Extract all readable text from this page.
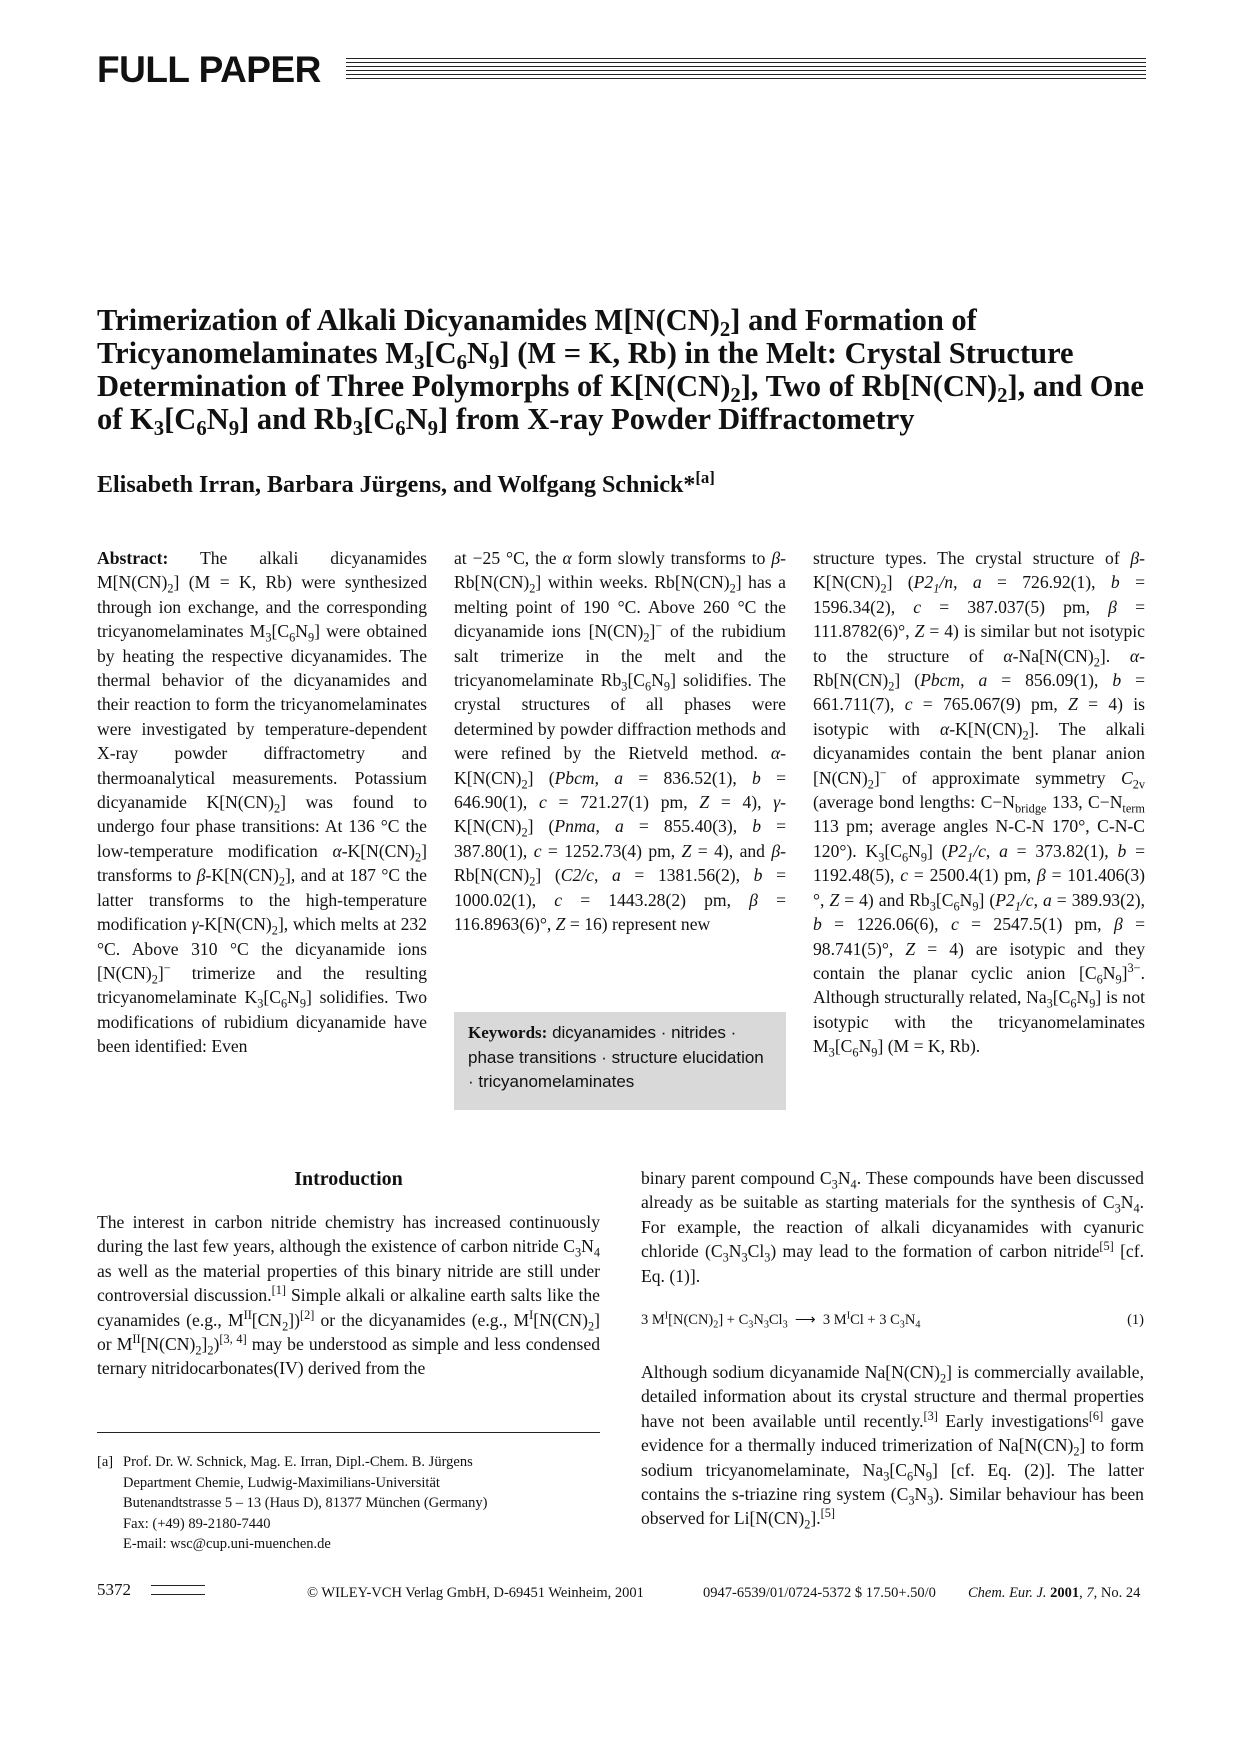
FULL PAPER
Trimerization of Alkali Dicyanamides $M[N(CN)_2]$ and Formation of Tricyanomelaminates $M_3[C_6N_9] (M = K$, Rb) in the Melt: Crystal Structure Determination of Three Polymorphs of $K[N(CN)_2]$, Two of $Rb[N(CN)_2]$, and One of $K_3[C_6N_9]$ and $Rb_3[C_6N_9]$ from X-ray Powder Diffractometry
Elisabeth Irran, Barbara Jürgens, and Wolfgang Schnick*[a]
Abstract: The alkali dicyanamides $M[N(CN)_2] (M = K$, Rb) were synthesized through ion exchange, and the corresponding tricyanomelaminates $M_3[C_6N_9]$ were obtained by heating the respective dicyanamides. The thermal behavior of the dicyanamides and their reaction to form the tricyanomelaminates were investigated by temperature-dependent X-ray powder diffractometry and thermoanalytical measurements. Potassium dicyanamide $K[N(CN)_2]$ was found to undergo four phase transitions: At 136 °C the low-temperature modification $\alpha-K[N(CN)_2]$ transforms to $\beta-K[N(CN)_2]$, and at 187 °C the latter transforms to the high-temperature modification $\gamma-K[N(CN)_2]$, which melts at 232 °C. Above 310 °C the dicyanamide ions $[N(CN)_2]^-$ trimerize and the resulting tricyanomelaminate $K_3[C_6N_9]$ solidifies. Two modifications of rubidium dicyanamide have been identified: Even
at −25 °C, the α form slowly transforms to $\beta-Rb[N(CN)_2]$ within weeks. $Rb[N(CN)_2]$ has a melting point of 190 °C. Above 260 °C the dicyanamide ions $[N(CN)_2]^-$ of the rubidium salt trimerize in the melt and the tricyanomelaminate $Rb_3[C_6N_9]$ solidifies. The crystal structures of all phases were determined by powder diffraction methods and were refined by the Rietveld method. $\alpha-K[N(CN)_2]$ (Pbcm, a = 836.52(1), b = 646.90(1), c = 721.27(1) pm, Z = 4), $\gamma-K[N(CN)_2]$ (Pnma, a = 855.40(3), b = 387.80(1), c = 1252.73(4) pm, Z = 4), and $\beta-Rb[N(CN)_2]$ (C2/c, a = 1381.56(2), b = 1000.02(1), c = 1443.28(2) pm, β = 116.8963(6)°, Z = 16) represent new
structure types. The crystal structure of $\beta-K[N(CN)_2]$ ($P2_1/n$, a = 726.92(1), b = 1596.34(2), c = 387.037(5) pm, β = 111.8782(6)°, Z = 4) is similar but not isotypic to the structure of $\alpha-Na[N(CN)_2]$. $\alpha-Rb[N(CN)_2]$ (Pbcm, a = 856.09(1), b = 661.711(7), c = 765.067(9) pm, Z = 4) is isotypic with $\alpha-K[N(CN)_2]$. The alkali dicyanamides contain the bent planar anion $[N(CN)_2]^-$ of approximate symmetry $C_{2v}$ (average bond lengths: $C-N_{bridge}$ 133, $C-N_{term}$ 113 pm; average angles N-C-N 170°, C-N-C 120°). $K_3[C_6N_9]$ ($P2_1/c$, a = 373.82(1), b = 1192.48(5), c = 2500.4(1) pm, β = 101.406(3)°, Z = 4) and $Rb_3[C_6N_9]$ ($P2_1/c$, a = 389.93(2), b = 1226.06(6), c = 2547.5(1) pm, β = 98.741(5)°, Z = 4) are isotypic and they contain the planar cyclic anion $[C_6N_9]^{3-}$. Although structurally related, $Na_3[C_6N_9]$ is not isotypic with the tricyanomelaminates $M_3[C_6N_9] (M = K$, Rb).
Keywords: dicyanamides · nitrides · phase transitions · structure elucidation · tricyanomelaminates
Introduction
The interest in carbon nitride chemistry has increased continuously during the last few years, although the existence of carbon nitride $C_3N_4$ as well as the material properties of this binary nitride are still under controversial discussion.[1] Simple alkali or alkaline earth salts like the cyanamides (e.g., $M^{II}[CN_2])[2]$ or the dicyanamides (e.g., $M^I[N(CN)_2]$ or $M^{II}[N(CN)_2]_2)[3, 4]$ may be understood as simple and less condensed ternary nitridocarbonates(IV) derived from the
binary parent compound $C_3N_4$. These compounds have been discussed already as be suitable as starting materials for the synthesis of $C_3N_4$. For example, the reaction of alkali dicyanamides with cyanuric chloride $(C_3N_3Cl_3)$ may lead to the formation of carbon nitride[5] [cf. Eq. (1)].
3 $M^I[N(CN)_2] + C_3N_3Cl_3$  ⟶  3 $M^ICl + 3$ $C_3N_4$	(1)
Although sodium dicyanamide $Na[N(CN)_2]$ is commercially available, detailed information about its crystal structure and thermal properties have not been available until recently.[3] Early investigations[6] gave evidence for a thermally induced trimerization of $Na[N(CN)_2]$ to form sodium tricyanomelaminate, $Na_3[C_6N_9]$ [cf. Eq. (2)]. The latter contains the s-triazine ring system $(C_3N_3)$. Similar behaviour has been observed for $Li[N(CN)_2].[5]$
[a] Prof. Dr. W. Schnick, Mag. E. Irran, Dipl.-Chem. B. Jürgens
Department Chemie, Ludwig-Maximilians-Universität
Butenandtstrasse 5 – 13 (Haus D), 81377 München (Germany)
Fax: (+49) 89-2180-7440
E-mail: wsc@cup.uni-muenchen.de
5372	© WILEY-VCH Verlag GmbH, D-69451 Weinheim, 2001	0947-6539/01/0724-5372 $ 17.50+.50/0 Chem. Eur. J. 2001, 7, No. 24
